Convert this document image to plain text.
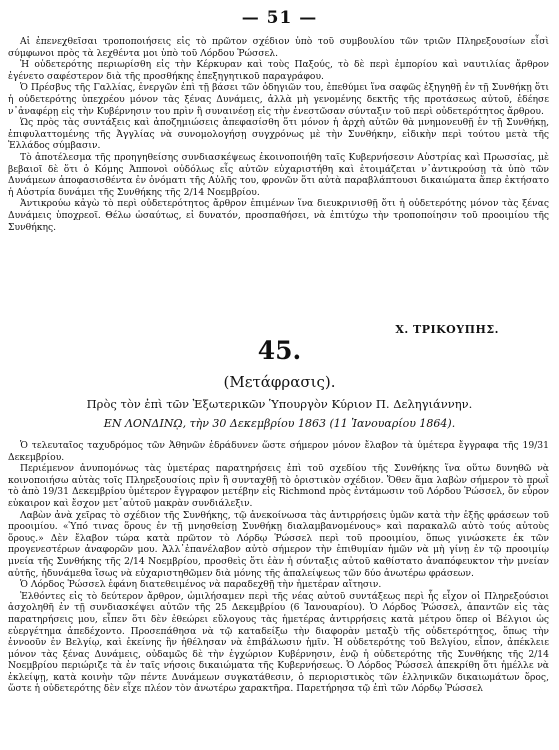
— 51 —

Αἱ ἐπενεχθεῖσαι τροποποιήσεις εἰς τὸ πρῶτον σχέδιον ὑπὸ τοῦ συμβουλίου τῶν τριῶν Πληρεξουσίων εἶσὶ σύμφωνοι πρὸς τὰ λεχθέντα μοι ὑπὸ τοῦ Λόρδου Ῥώσσελ.

Ἡ οὐδετερότης περιωρίσθη εἰς τὴν Κέρκυραν καὶ τοὺς Παξούς, τὸ δὲ περὶ ἐμπορίου καὶ ναυτιλίας ἄρθρον ἐγένετο σαφέστερον διὰ τῆς προσθήκης ἐπεξηγητικοῦ παραγράφου.

Ὁ Πρέσβυς τῆς Γαλλίας, ἐνεργῶν ἐπὶ τῇ βάσει τῶν ὁδηγιῶν του, ἐπεθύμει ἵνα σαφῶς ἐξηγηθῇ ἐν τῇ Συνθήκῃ ὅτι ἡ οὐδετερότης ὑπεχρέου μόνον τὰς ξένας Δυνάμεις, ἀλλὰ μὴ γενομένης δεκτῆς τῆς προτάσεως αὐτοῦ, ἐδέησε ν᾽ἀναφέρῃ εἰς τὴν Κυβέρνησιν του πρὶν ἢ συναινέσῃ εἰς τὴν ἐνεστῶσαν σύνταξιν τοῦ περὶ οὐδετερότητος ἄρθρου.

Ὡς πρὸς τὰς συντάξεις καὶ ἀποζημιώσεις ἀπεφασίσθη ὅτι μόνον ἡ ἀρχὴ αὐτῶν θὰ μνημονευθῇ ἐν τῇ Συνθήκῃ, ἐπιφυλαττομένης τῆς Ἀγγλίας νὰ συνομολογήσῃ συγχρόνως μὲ τὴν Συνθήκην, εἰδικὴν περὶ τούτου μετὰ τῆς Ἑλλάδος σύμβασιν.

Τὸ ἀποτέλεσμα τῆς προηγηθείσης συνδιασκέψεως ἐκοινοποιήθη ταῖς Κυβερνήσεσιν Αὐστρίας καὶ Πρωσσίας, μὲ βεβαιοῖ δὲ ὅτι ὁ Κόμης Ἀππονοὶ οὐδόλως εἶς αὐτῶν εὐχαριστήθη καὶ ἑτοιμάζεται ν᾽ἀντικρούσῃ τὰ ὑπὸ τῶν Δυνάμεων ἀποφασισθέντα ἐν ὀνόματι τῆς Αὐλῆς του, φρονῶν ὅτι αὐτὰ παραβλάπτουσι δικαιώματα ἅπερ ἐκτήσατο ἡ Αὐστρία δυνάμει τῆς Συνθήκης τῆς 2/14 Νοεμβρίου.

Ἀντικρούω κἀγὼ τὸ περὶ οὐδετερότητος ἄρθρον ἐπιμένων ἵνα διευκρινισθῇ ὅτι ἡ οὐδετερότης μόνον τὰς ξένας Δυνάμεις ὑποχρεοῖ. Θέλω ὡσαύτως, εἰ δυνατόν, προσπαθήσει, νὰ ἐπιτύχω τὴν τροποποίησιν τοῦ προοιμίου τῆς Συνθήκης.

Χ. ΤΡΙΚΟΥΠΗΣ.
45.
(Μετάφρασις).
Πρὸς τὸν ἐπὶ τῶν Ἐξωτερικῶν Ὑπουργὸν Κύριον Π. Δεληγιάννην.
ΕΝ ΛΟΝΔΙΝῼ, τὴν 30 Δεκεμβρίου 1863 (11 Ἰανουαρίου 1864).

Ὁ τελευταῖος ταχυδρόμος τῶν Ἀθηνῶν ἐδράδυνεν ὥστε σήμερον μόνον ἔλαβον τὰ ὑμέτερα ἔγγραφα τῆς 19/31 Δεκεμβρίου.

Περιέμενον ἀνυπομόνως τὰς ὑμετέρας παρατηρήσεις ἐπὶ τοῦ σχεδίου τῆς Συνθήκης ἵνα οὕτω δυνηθῶ νὰ κοινοποιήσω αὐτὰς τοῖς Πληρεξουσίοις πρὶν ἢ συνταχθῇ τὸ ὁριστικὸν σχέδιον. Ὅθεν ἅμα λαβὼν σήμερον τὸ πρωῒ τὸ ἀπὸ 19/31 Δεκεμβρίου ὑμέτερον ἔγγραφον μετέβην εἰς Richmond πρὸς ἐντάμωσιν τοῦ Λόρδου Ῥώσσελ, ὅν εὗρον εὐκαιρον καὶ ἔσχον μετ᾽αὐτοῦ μακρὰν συνδιάλεξιν.

Λαβὼν ἀνὰ χεῖρας τὸ σχέδιον τῆς Συνθήκης, τῷ ἀνεκοίνωσα τὰς ἀντιρρήσεις ὑμῶν κατὰ τὴν ἑξῆς φράσεων τοῦ προοιμίου. «Ὑπό τινας ὅρους ἐν τῇ μνησθείσῃ Συνθήκῃ διαλαμβανομένους» καὶ παρακαλῶ αὐτὸ τούς αὐτοὺς ὅρους.» Δὲν ἔλαβον τώρα κατὰ πρῶτον τὸ Λόρδῳ Ῥώσσελ περὶ τοῦ προοιμίου, ὅπως γινώσκετε ἐκ τῶν προγενεστέρων ἀναφορῶν μου. Ἀλλ᾽ἐπανέλαβον αὐτὸ σήμερον τὴν ἐπιθυμίαν ἡμῶν νὰ μὴ γίνῃ ἐν τῷ προοιμίῳ μνεία τῆς Συνθήκης τῆς 2/14 Νοεμβρίου, προσθεὶς ὅτι ἐὰν ἡ σύνταξις αὐτοῦ καθίστατο ἀναπόφευκτον τὴν μνείαν αὐτῆς, ἠδυνάμεθα ἴσως νὰ εὐχαριστηθῶμεν διὰ μόνης τῆς ἀπαλείψεως τῶν δύο ἀνωτέρω φράσεων.

Ὁ Λόρδος Ῥώσσελ ἐφάνη διατεθειμένος νὰ παραδεχθῇ τὴν ἡμετέραν αἴτησιν.

Ἐλθόντες εἰς τὸ δεύτερον ἄρθρον, ὡμιλήσαμεν περὶ τῆς νέας αὐτοῦ συντάξεως περὶ ἧς εἶχον οἱ Πληρεξούσιοι ἀσχοληθῆ ἐν τῇ συνδιασκέψει αὐτῶν τῆς 25 Δεκεμβρίου (6 Ἰανουαρίου). Ὁ Λόρδος Ῥώσσελ, ἀπαντῶν εἰς τὰς παρατηρήσεις μου, εἶπεν ὅτι δὲν ἐθεώρει εὔλογους τὰς ἡμετέρας ἀντιρρήσεις κατὰ μέτρου ὅπερ οἱ Βέλγιοι ὡς εὐεργέτημα ἀπεδέχοντο. Προσεπάθησα νὰ τῷ καταδείξω τὴν διαφορὰν μεταξὺ τῆς οὐδετερότητος, ὅπως τὴν ἐννοοῦν ἐν Βελγίῳ, καὶ ἐκείνης ἣν ἠθέλησαν νὰ ἐπιβάλωσιν ἡμῖν. Ἡ οὐδετερότης τοῦ Βελγίου, εἶπον, ἀπέκλειε μόνον τὰς ξένας Δυνάμεις, οὐδαμῶς δὲ τὴν ἐγχώριον Κυβέρνησιν, ἐνῷ ἡ οὐδετερότης τῆς Συνθήκης τῆς 2/14 Νοεμβρίου περιώριζε τὰ ἐν ταῖς νήσοις δικαιώματα τῆς Κυβερνήσεως. Ὁ Λόρδος Ῥώσσελ ἀπεκρίθη ὅτι ἠμέλλε νὰ ἐκλείψῃ, κατὰ κοινὴν τῶν πέντε Δυνάμεων συγκατάθεσιν, ὁ περιοριστικὸς τῶν ἑλληνικῶν δικαιωμάτων ὅρος, ὥστε ἡ οὐδετερότης δὲν εἶχε πλέον τὸν ἀνωτέρω χαρακτῆρα. Παρετήρησα τῷ ἐπὶ τῶν Λόρδῳ Ῥώσσελ
